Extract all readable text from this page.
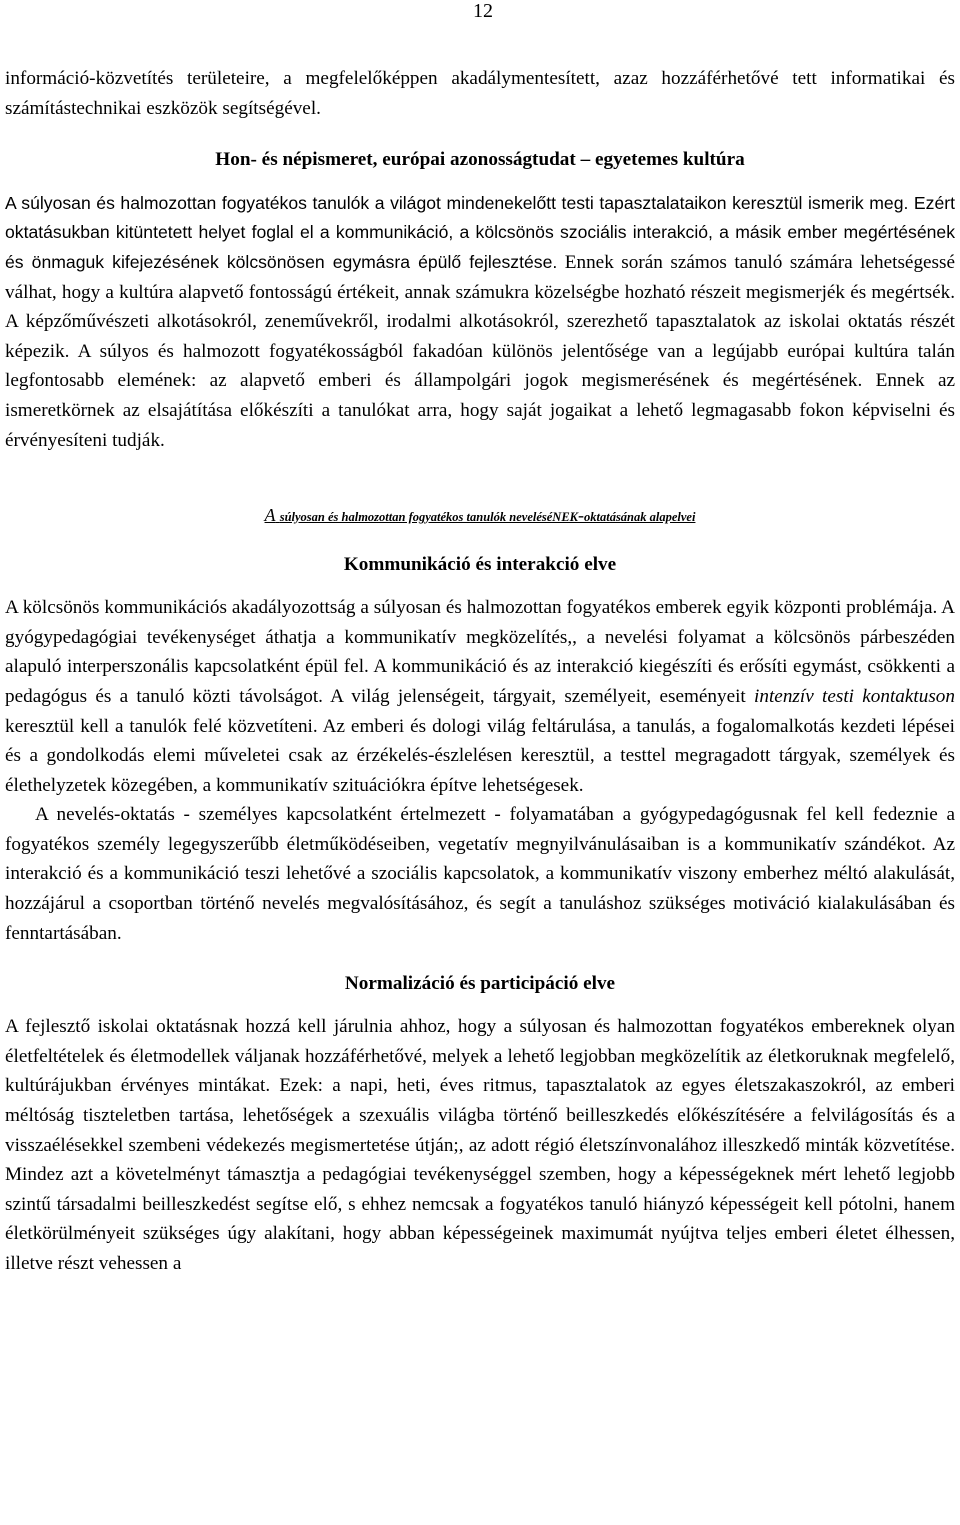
12

információ-közvetítés területeire, a megfelelőképpen akadálymentesített, azaz hozzáférhetővé tett informatikai és számítástechnikai eszközök segítségével.

Hon- és népismeret, európai azonosságtudat – egyetemes kultúra

A súlyosan és halmozottan fogyatékos tanulók a világot mindenekelőtt testi tapasztalataikon keresztül ismerik meg. Ezért oktatásukban kitüntetett helyet foglal el a kommunikáció, a kölcsönös szociális interakció, a másik ember megértésének és önmaguk kifejezésének kölcsönösen egymásra épülő fejlesztése. Ennek során számos tanuló számára lehetségessé válhat, hogy a kultúra alapvető fontosságú értékeit, annak számukra közelségbe hozható részeit megismerjék és megértsék. A képzőművészeti alkotásokról, zeneművekről, irodalmi alkotásokról, szerezhető tapasztalatok az iskolai oktatás részét képezik. A súlyos és halmozott fogyatékosságból fakadóan különös jelentősége van a legújabb európai kultúra talán legfontosabb elemének: az alapvető emberi és állampolgári jogok megismerésének és megértésének. Ennek az ismeretkörnek az elsajátítása előkészíti a tanulókat arra, hogy saját jogaikat a lehető legmagasabb fokon képviselni és érvényesíteni tudják.

A súlyosan és halmozottan fogyatékos tanulók neveléséNEK-oktatásának alapelvei

Kommunikáció és interakció elve

A kölcsönös kommunikációs akadályozottság a súlyosan és halmozottan fogyatékos emberek egyik központi problémája. A gyógypedagógiai tevékenységet áthatja a kommunikatív megközelítés,, a nevelési folyamat a kölcsönös párbeszéden alapuló interperszonális kapcsolatként épül fel. A kommunikáció és az interakció kiegészíti és erősíti egymást, csökkenti a pedagógus és a tanuló közti távolságot. A világ jelenségeit, tárgyait, személyeit, eseményeit intenzív testi kontaktuson keresztül kell a tanulók felé közvetíteni. Az emberi és dologi világ feltárulása, a tanulás, a fogalomalkotás kezdeti lépései és a gondolkodás elemi műveletei csak az érzékelés-észlelésen keresztül, a testtel megragadott tárgyak, személyek és élethelyzetek közegében, a kommunikatív szituációkra építve lehetségesek.

A nevelés-oktatás - személyes kapcsolatként értelmezett - folyamatában a gyógypedagógusnak fel kell fedeznie a fogyatékos személy legegyszerűbb életműködéseiben, vegetatív megnyilvánulásaiban is a kommunikatív szándékot. Az interakció és a kommunikáció teszi lehetővé a szociális kapcsolatok, a kommunikatív viszony emberhez méltó alakulását, hozzájárul a csoportban történő nevelés megvalósításához, és segít a tanuláshoz szükséges motiváció kialakulásában és fenntartásában.

Normalizáció és participáció elve

A fejlesztő iskolai oktatásnak hozzá kell járulnia ahhoz, hogy a súlyosan és halmozottan fogyatékos embereknek olyan életfeltételek és életmodellek váljanak hozzáférhetővé, melyek a lehető legjobban megközelítik az életkoruknak megfelelő, kultúrájukban érvényes mintákat. Ezek: a napi, heti, éves ritmus, tapasztalatok az egyes életszakaszokról, az emberi méltóság tiszteletben tartása, lehetőségek a szexuális világba történő beilleszkedés előkészítésére a felvilágosítás és a visszaélésekkel szembeni védekezés megismertetése útján;, az adott régió életszínvonalához illeszkedő minták közvetítése. Mindez azt a követelményt támasztja a pedagógiai tevékenységgel szemben, hogy a képességeknek mért lehető legjobb szintű társadalmi beilleszkedést segítse elő, s ehhez nemcsak a fogyatékos tanuló hiányzó képességeit kell pótolni, hanem életkörülményeit szükséges úgy alakítani, hogy abban képességeinek maximumát nyújtva teljes emberi életet élhessen, illetve részt vehessen a
